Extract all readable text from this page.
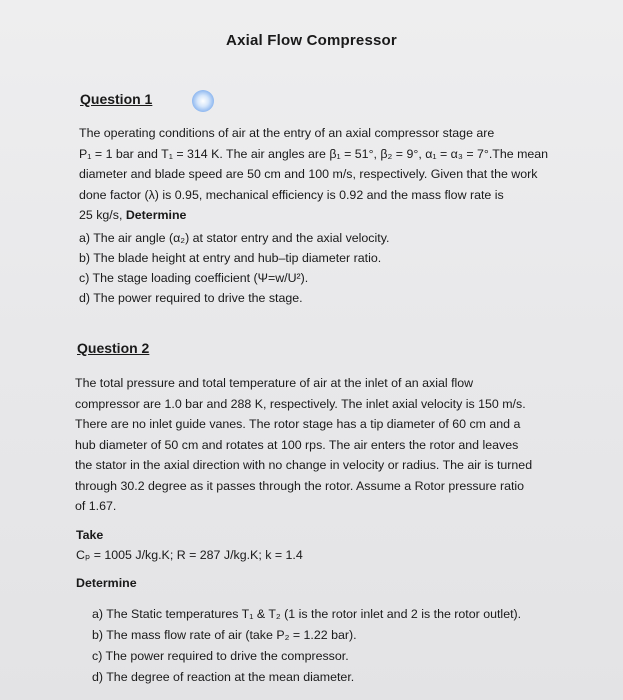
Axial Flow Compressor
Question 1
The operating conditions of air at the entry of an axial compressor stage are
P₁ = 1 bar and T₁ = 314 K. The air angles are β₁ = 51°, β₂ = 9°, α₁ = α₃ = 7°.The mean
diameter and blade speed are 50 cm and 100 m/s, respectively. Given that the work
done factor (λ) is 0.95, mechanical efficiency is 0.92 and the mass flow rate is
25 kg/s, Determine
a) The air angle (α₂) at stator entry and the axial velocity.
b) The blade height at entry and hub–tip diameter ratio.
c) The stage loading coefficient (Ψ=w/U²).
d) The power required to drive the stage.
Question 2
The total pressure and total temperature of air at the inlet of an axial flow
compressor are 1.0 bar and 288 K, respectively. The inlet axial velocity is 150 m/s.
There are no inlet guide vanes. The rotor stage has a tip diameter of 60 cm and a
hub diameter of 50 cm and rotates at 100 rps. The air enters the rotor and leaves
the stator in the axial direction with no change in velocity or radius. The air is turned
through 30.2 degree as it passes through the rotor. Assume a Rotor pressure ratio
of 1.67.
Take
Cₚ = 1005 J/kg.K; R = 287 J/kg.K; k = 1.4
Determine
a) The Static temperatures T₁ & T₂ (1 is the rotor inlet and 2 is the rotor outlet).
b) The mass flow rate of air (take P₂ = 1.22 bar).
c) The power required to drive the compressor.
d) The degree of reaction at the mean diameter.
